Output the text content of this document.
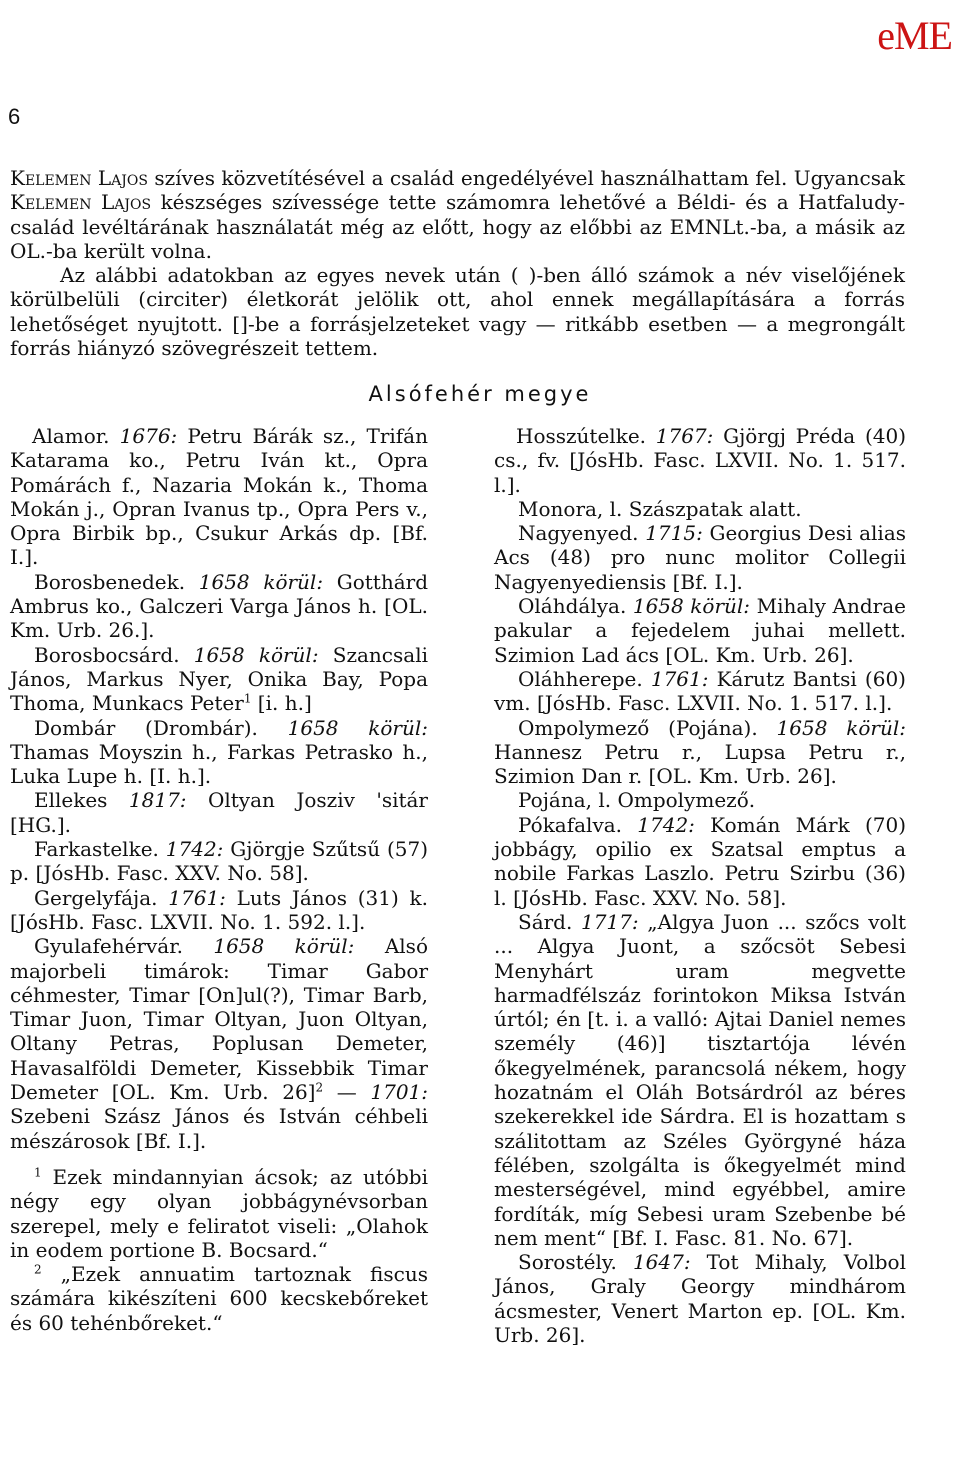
eME
6

Kelemen Lajos szíves közvetítésével a család engedélyével használhattam fel. Ugyancsak Kelemen Lajos készséges szívessége tette számomra lehetővé a Béldi- és a Hatfaludy-család levéltárának használatát még az előtt, hogy az előbbi az EMNLt.-ba, a másik az OL.-ba került volna.

Az alábbi adatokban az egyes nevek után ( )-ben álló számok a név viselőjének körülbelüli (circiter) életkorát jelölik ott, ahol ennek megállapítására a forrás lehetőséget nyujtott. []-be a forrásjelzeteket vagy — ritkább esetben — a megrongált forrás hiányzó szövegrészeit tettem.

Alsófehér megye

Alamor. 1676: Petru Bárák sz., Trifán Katarama ko., Petru Iván kt., Opra Pomárách f., Nazaria Mokán k., Thoma Mokán j., Opran Ivanus tp., Opra Pers v., Opra Birbik bp., Csukur Arkás dp. [Bf. I.].

Borosbenedek. 1658 körül: Gotthárd Ambrus ko., Galczeri Varga János h. [OL. Km. Urb. 26.].

Borosbocsárd. 1658 körül: Szancsali János, Markus Nyer, Onika Bay, Popa Thoma, Munkacs Peter$^1$ [i. h.]

Dombár (Drombár). 1658 körül: Thamas Moyszin h., Farkas Petrasko h., Luka Lupe h. [I. h.].

Ellekes 1817: Oltyan Josziv 'sitár [HG.].

Farkastelke. 1742: Gjörgje Szűtsű (57) p. [JósHb. Fasc. XXV. No. 58].

Gergelyfája. 1761: Luts János (31) k. [JósHb. Fasc. LXVII. No. 1. 592. l.].

Gyulafehérvár. 1658 körül: Alsó majorbeli timárok: Timar Gabor céhmester, Timar [On]ul(?), Timar Barb, Timar Juon, Timar Oltyan, Juon Oltyan, Oltany Petras, Poplusan Demeter, Havasalföldi Demeter, Kissebbik Timar Demeter [OL. Km. Urb. 26]$^2$ — 1701: Szebeni Szász János és István céhbeli mészárosok [Bf. I.].

$^1$ Ezek mindannyian ácsok; az utóbbi négy egy olyan jobbágynévsorban szerepel, mely e feliratot viseli: „Olahok in eodem portione B. Bocsard.“

$^2$ „Ezek annuatim tartoznak fiscus számára kikészíteni 600 kecskebőreket és 60 tehénbőreket.“

Hosszútelke. 1767: Gjörgj Préda (40) cs., fv. [JósHb. Fasc. LXVII. No. 1. 517. l.].

Monora, l. Szászpatak alatt.

Nagyenyed. 1715: Georgius Desi alias Acs (48) pro nunc molitor Collegii Nagyenyediensis [Bf. I.].

Oláhdálya. 1658 körül: Mihaly Andrae pakular a fejedelem juhai mellett. Szimion Lad ács [OL. Km. Urb. 26].

Oláhherepe. 1761: Kárutz Bantsi (60) vm. [JósHb. Fasc. LXVII. No. 1. 517. l.].

Ompolymező (Pojána). 1658 körül: Hannesz Petru r., Lupsa Petru r., Szimion Dan r. [OL. Km. Urb. 26].

Pojána, l. Ompolymező.

Pókafalva. 1742: Komán Márk (70) jobbágy, opilio ex Szatsal emptus a nobile Farkas Laszlo. Petru Szirbu (36) l. [JósHb. Fasc. XXV. No. 58].

Sárd. 1717: „Algya Juon ... szőcs volt ... Algya Juont, a szőcsöt Sebesi Menyhárt uram megvette harmadfélszáz forintokon Miksa István úrtól; én [t. i. a valló: Ajtai Daniel nemes személy (46)] tisztartója lévén őkegyelmének, parancsolá nékem, hogy hozatnám el Oláh Botsárdról az béres szekerekkel ide Sárdra. El is hozattam s szálitottam az Széles Györgyné háza félében, szolgálta is őkegyelmét mind mesterségével, mind egyébbel, amire fordíták, míg Sebesi uram Szebenbe bé nem ment“ [Bf. I. Fasc. 81. No. 67].

Sorostély. 1647: Tot Mihaly, Volbol János, Graly Georgy mindhárom ácsmester, Venert Marton ep. [OL. Km. Urb. 26].
